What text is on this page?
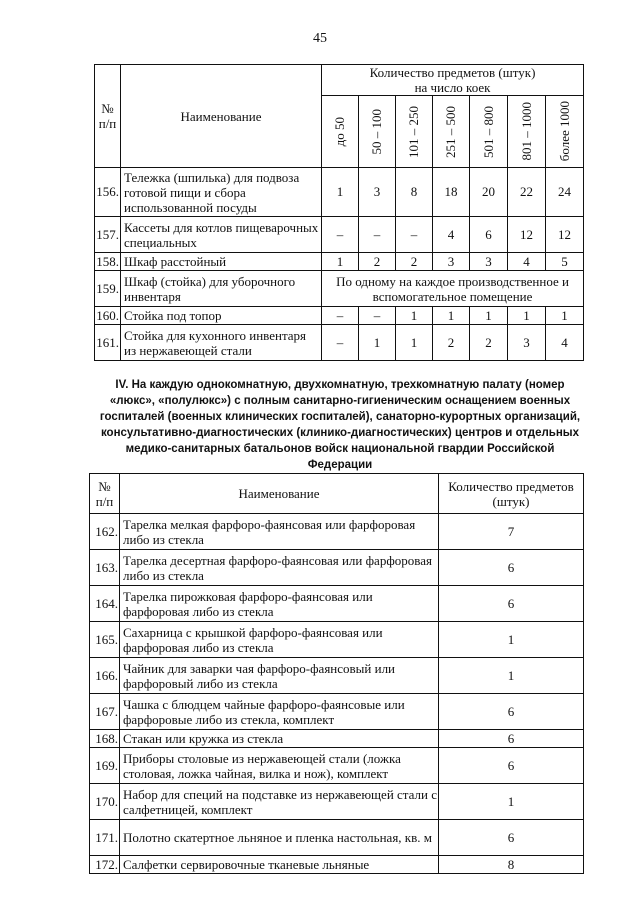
45
№
п/п	Наименование	Количество предметов (штук)
на число коек						

		до 50	50 – 100	101 – 250	251 – 500	501 – 800	801 – 1000	более 1000

156.	Тележка (шпилька) для подвоза готовой пищи и сбора использованной посуды	1	3	8	18	20	22	24
157.	Кассеты для котлов пищеварочных специальных	–	–	–	4	6	12	12
158.	Шкаф расстойный	1	2	2	3	3	4	5
159.	Шкаф (стойка) для уборочного инвентаря	По одному на каждое производственное и вспомогательное помещение						
160.	Стойка под топор	–	–	1	1	1	1	1
161.	Стойка для кухонного инвентаря из нержавеющей стали	–	1	1	2	2	3	4
IV. На каждую однокомнатную, двухкомнатную, трехкомнатную палату (номер «люкс», «полулюкс») с полным санитарно-гигиеническим оснащением военных госпиталей (военных клинических госпиталей), санаторно-курортных организаций, консультативно-диагностических (клинико-диагностических) центров и отдельных медико-санитарных батальонов войск национальной гвардии Российской Федерации
№
п/п	Наименование	Количество предметов
(штук)
162.	Тарелка мелкая фарфоро-фаянсовая или фарфоровая либо из стекла	7
163.	Тарелка десертная фарфоро-фаянсовая или фарфоровая либо из стекла	6
164.	Тарелка пирожковая фарфоро-фаянсовая или фарфоровая либо из стекла	6
165.	Сахарница с крышкой фарфоро-фаянсовая или фарфоровая либо из стекла	1
166.	Чайник для заварки чая фарфоро-фаянсовый или фарфоровый либо из стекла	1
167.	Чашка с блюдцем чайные фарфоро-фаянсовые или фарфоровые либо из стекла, комплект	6
168.	Стакан или кружка из стекла	6
169.	Приборы столовые из нержавеющей стали (ложка столовая, ложка чайная, вилка и нож), комплект	6
170.	Набор для специй на подставке из нержавеющей стали с салфетницей, комплект	1
171.	Полотно скатертное льняное и пленка настольная, кв. м	6
172.	Салфетки сервировочные тканевые льняные	8
